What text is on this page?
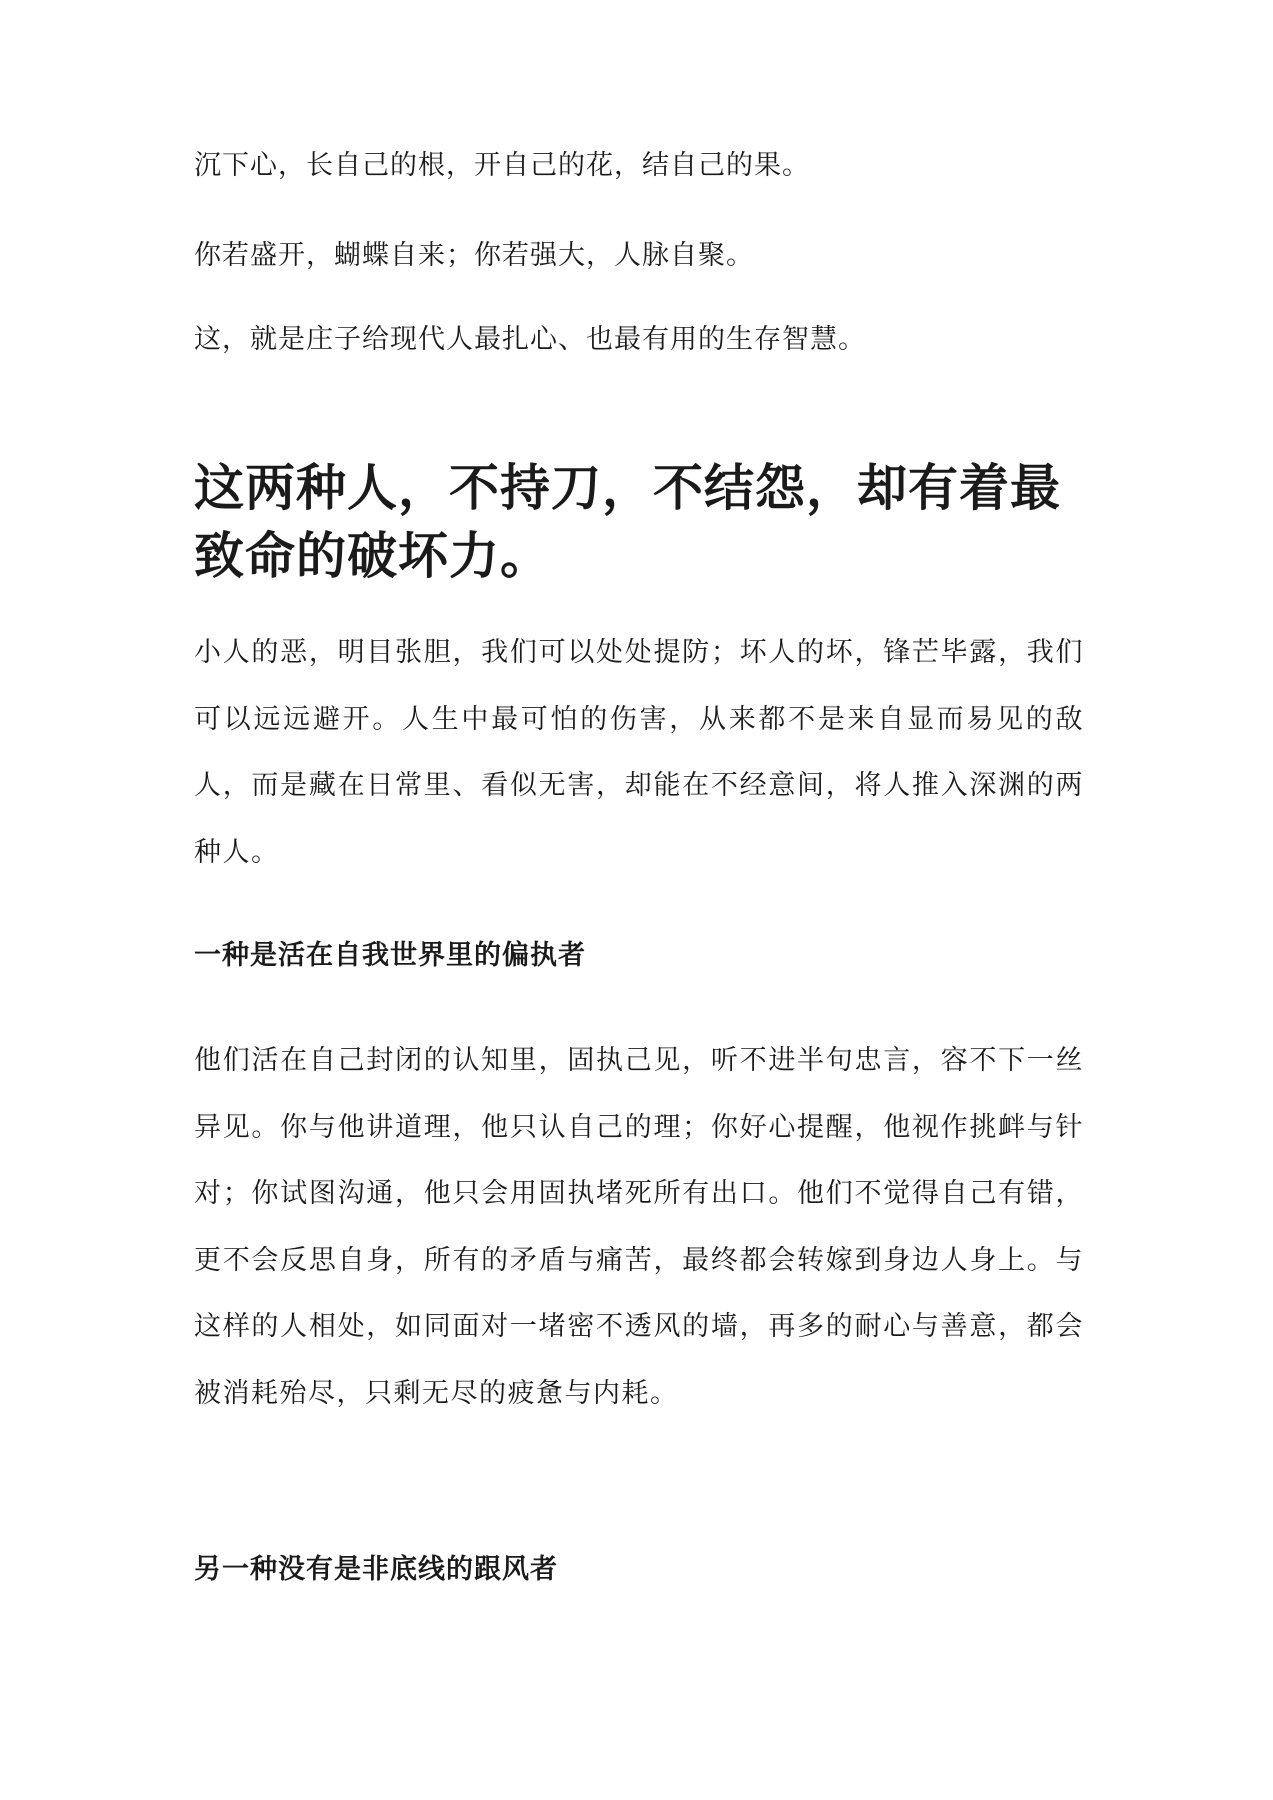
沉下心，长自己的根，开自己的花，结自己的果。
你若盛开，蝴蝶自来；你若强大，人脉自聚。
这，就是庄子给现代人最扎心、也最有用的生存智慧。
这两种人，不持刀，不结怨，却有着最致命的破坏力。

小人的恶，明目张胆，我们可以处处提防；坏人的坏，锋芒毕露，我们可以远远避开。人生中最可怕的伤害，从来都不是来自显而易见的敌人，而是藏在日常里、看似无害，却能在不经意间，将人推入深渊的两种人。

一种是活在自我世界里的偏执者

他们活在自己封闭的认知里，固执己见，听不进半句忠言，容不下一丝异见。你与他讲道理，他只认自己的理；你好心提醒，他视作挑衅与针对；你试图沟通，他只会用固执堵死所有出口。他们不觉得自己有错，更不会反思自身，所有的矛盾与痛苦，最终都会转嫁到身边人身上。与这样的人相处，如同面对一堵密不透风的墙，再多的耐心与善意，都会被消耗殆尽，只剩无尽的疲惫与内耗。

另一种没有是非底线的跟风者
